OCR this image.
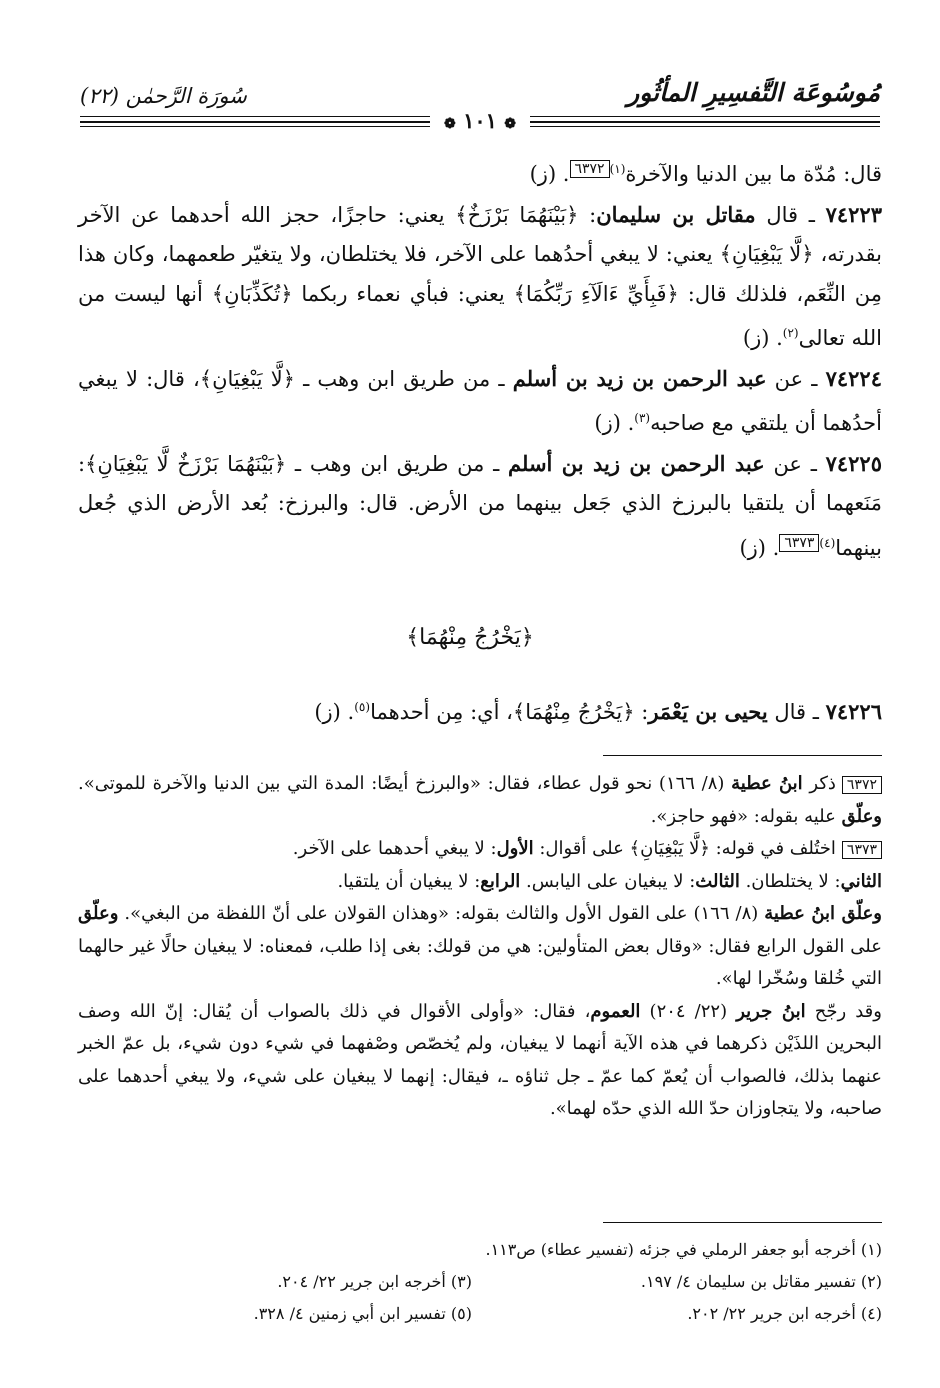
مُوسُوعَة التَّفسِيرِ المأثُور
سُورَة الرَّحمٰن (٢٢)
❁ ١٠١ ❁

قال: مُدّة ما بين الدنيا والآخرة$^{(١)}$٦٣٧٢. (ز)

٧٤٢٢٣ ـ قال مقاتل بن سليمان: ﴿بَيْنَهُمَا بَرْزَخٌ﴾ يعني: حاجزًا، حجز الله أحدهما عن الآخر بقدرته، ﴿لَّا يَبْغِيَانِ﴾ يعني: لا يبغي أحدُهما على الآخر، فلا يختلطان، ولا يتغيّر طعمهما، وكان هذا مِن النِّعَم، فلذلك قال: ﴿فَبِأَيِّ ءَالَآءِ رَبِّكُمَا﴾ يعني: فبأي نعماء ربكما ﴿تُكَذِّبَانِ﴾ أنها ليست من الله تعالى$^{(٢)}$. (ز)

٧٤٢٢٤ ـ عن عبد الرحمن بن زيد بن أسلم ـ من طريق ابن وهب ـ ﴿لَّا يَبْغِيَانِ﴾، قال: لا يبغي أحدُهما أن يلتقي مع صاحبه$^{(٣)}$. (ز)

٧٤٢٢٥ ـ عن عبد الرحمن بن زيد بن أسلم ـ من طريق ابن وهب ـ ﴿بَيْنَهُمَا بَرْزَخٌ لَّا يَبْغِيَانِ﴾: مَنَعهما أن يلتقيا بالبرزخ الذي جَعل بينهما من الأرض. قال: والبرزخ: بُعد الأرض الذي جُعل بينهما$^{(٤)}$٦٣٧٣. (ز)

﴿يَخْرُجُ مِنْهُمَا﴾
٧٤٢٢٦ ـ قال يحيى بن يَعْمَر: ﴿يَخْرُجُ مِنْهُمَا﴾، أي: مِن أحدهما$^{(٥)}$. (ز)

٦٣٧٢ذكر ابنُ عطية (٨/ ١٦٦) نحو قول عطاء، فقال: «والبرزخ أيضًا: المدة التي بين الدنيا والآخرة للموتى». وعلّق عليه بقوله: «فهو حاجز».

٦٣٧٣اختُلف في قوله: ﴿لَّا يَبْغِيَانِ﴾ على أقوال: الأول: لا يبغي أحدهما على الآخر.

الثاني: لا يختلطان. الثالث: لا يبغيان على اليابس. الرابع: لا يبغيان أن يلتقيا.

وعلّق ابنُ عطية (٨/ ١٦٦) على القول الأول والثالث بقوله: «وهذان القولان على أنّ اللفظة من البغي». وعلّق على القول الرابع فقال: «وقال بعض المتأولين: هي من قولك: بغى إذا طلب، فمعناه: لا يبغيان حالًا غير حالهما التي خُلقا وسُخّرا لها».

وقد رجّح ابنُ جرير (٢٢/ ٢٠٤) العموم، فقال: «وأولى الأقوال في ذلك بالصواب أن يُقال: إنّ الله وصف البحرين اللذَيْن ذكرهما في هذه الآية أنهما لا يبغيان، ولم يُخصّص وصْفهما في شيء دون شيء، بل عمّ الخبر عنهما بذلك، فالصواب أن يُعمّ كما عمّ ـ جل ثناؤه ـ، فيقال: إنهما لا يبغيان على شيء، ولا يبغي أحدهما على صاحبه، ولا يتجاوزان حدّ الله الذي حدّه لهما».

(١) أخرجه أبو جعفر الرملي في جزئه (تفسير عطاء) ص١١٣.
(٢) تفسير مقاتل بن سليمان ٤/ ١٩٧.
(٣) أخرجه ابن جرير ٢٢/ ٢٠٤.
(٤) أخرجه ابن جرير ٢٢/ ٢٠٢.
(٥) تفسير ابن أبي زمنين ٤/ ٣٢٨.
